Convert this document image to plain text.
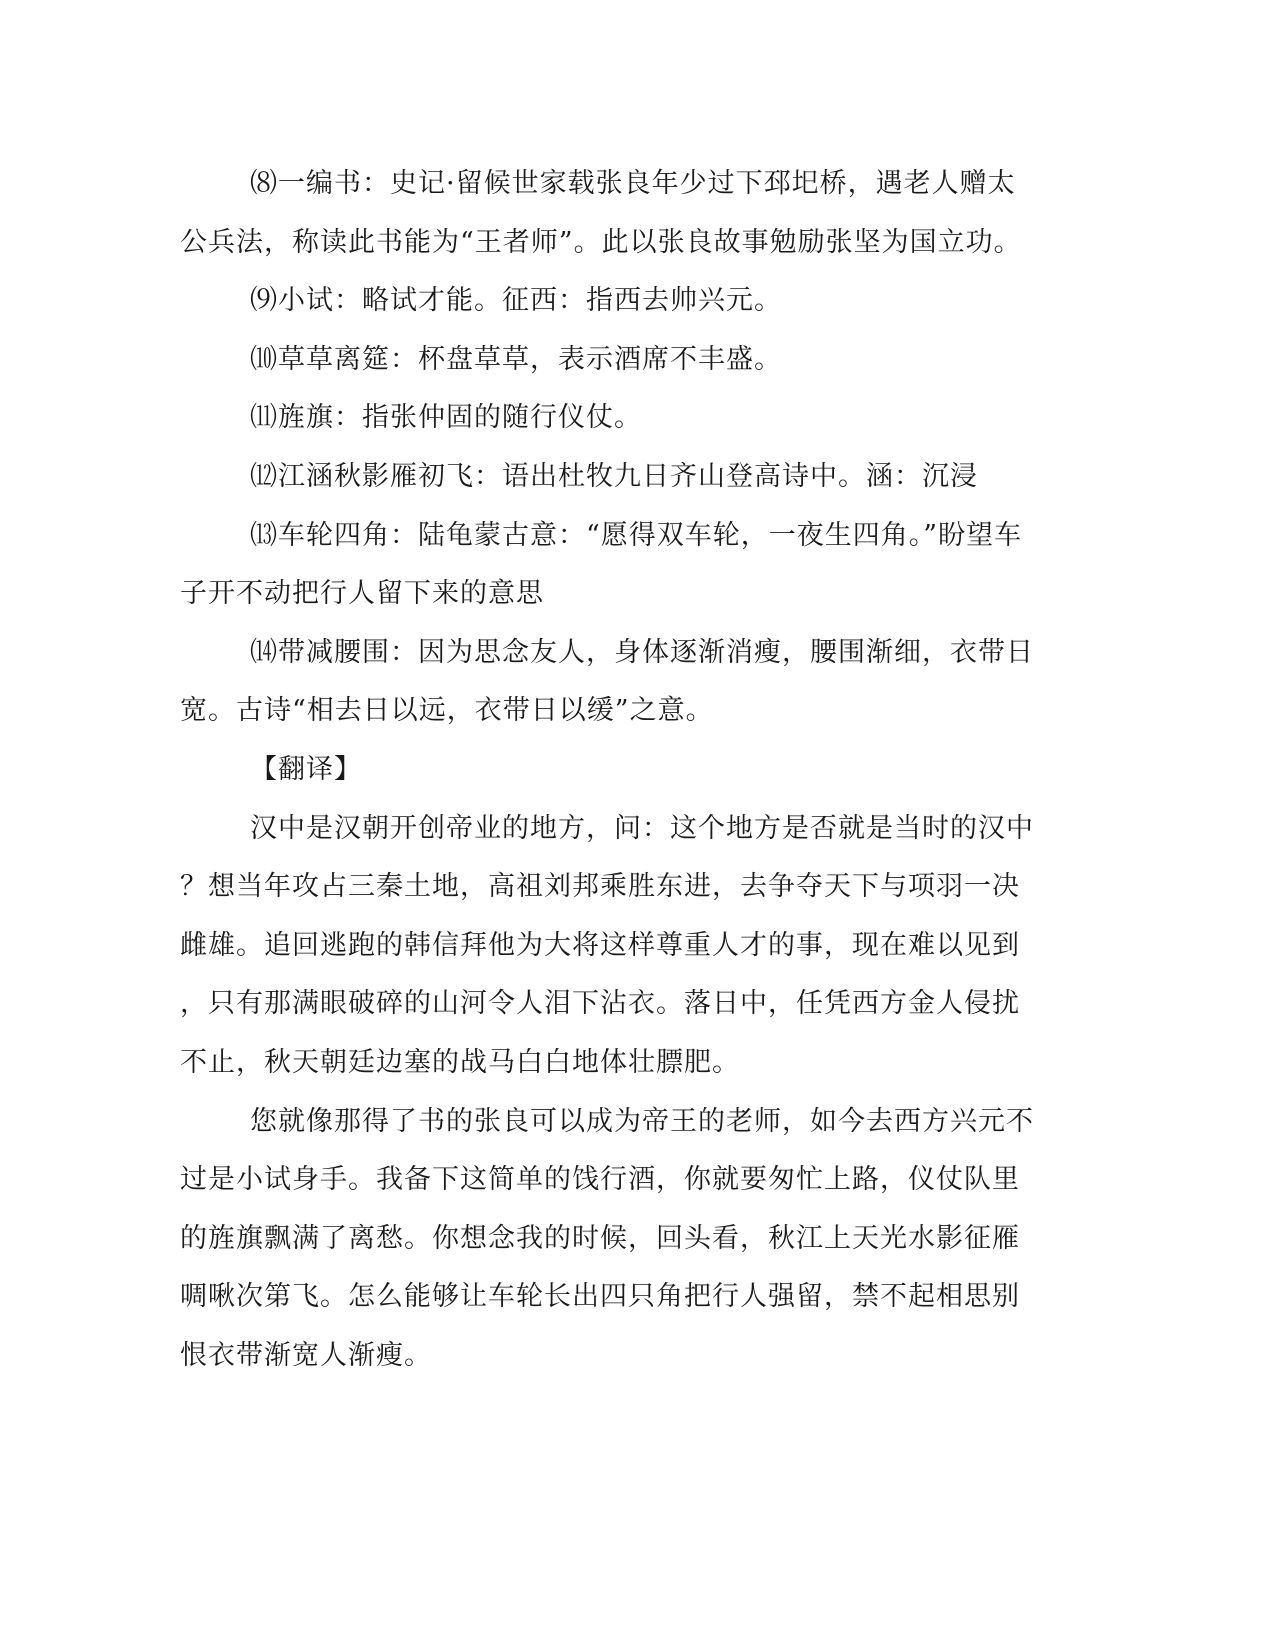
⑻一编书：史记·留候世家载张良年少过下邳圯桥，遇老人赠太
公兵法，称读此书能为“王者师”。此以张良故事勉励张坚为国立功。
⑼小试：略试才能。征西：指西去帅兴元。
⑽草草离筵：杯盘草草，表示酒席不丰盛。
⑾旌旗：指张仲固的随行仪仗。
⑿江涵秋影雁初飞：语出杜牧九日齐山登高诗中。涵：沉浸
⒀车轮四角：陆龟蒙古意：“愿得双车轮，一夜生四角。”盼望车
子开不动把行人留下来的意思
⒁带减腰围：因为思念友人，身体逐渐消瘦，腰围渐细，衣带日
宽。古诗“相去日以远，衣带日以缓”之意。
【翻译】
汉中是汉朝开创帝业的地方，问：这个地方是否就是当时的汉中
？想当年攻占三秦土地，高祖刘邦乘胜东进，去争夺天下与项羽一决
雌雄。追回逃跑的韩信拜他为大将这样尊重人才的事，现在难以见到
，只有那满眼破碎的山河令人泪下沾衣。落日中，任凭西方金人侵扰
不止，秋天朝廷边塞的战马白白地体壮膘肥。
您就像那得了书的张良可以成为帝王的老师，如今去西方兴元不
过是小试身手。我备下这简单的饯行酒，你就要匆忙上路，仪仗队里
的旌旗飘满了离愁。你想念我的时候，回头看，秋江上天光水影征雁
啁啾次第飞。怎么能够让车轮长出四只角把行人强留，禁不起相思别
恨衣带渐宽人渐瘦。
